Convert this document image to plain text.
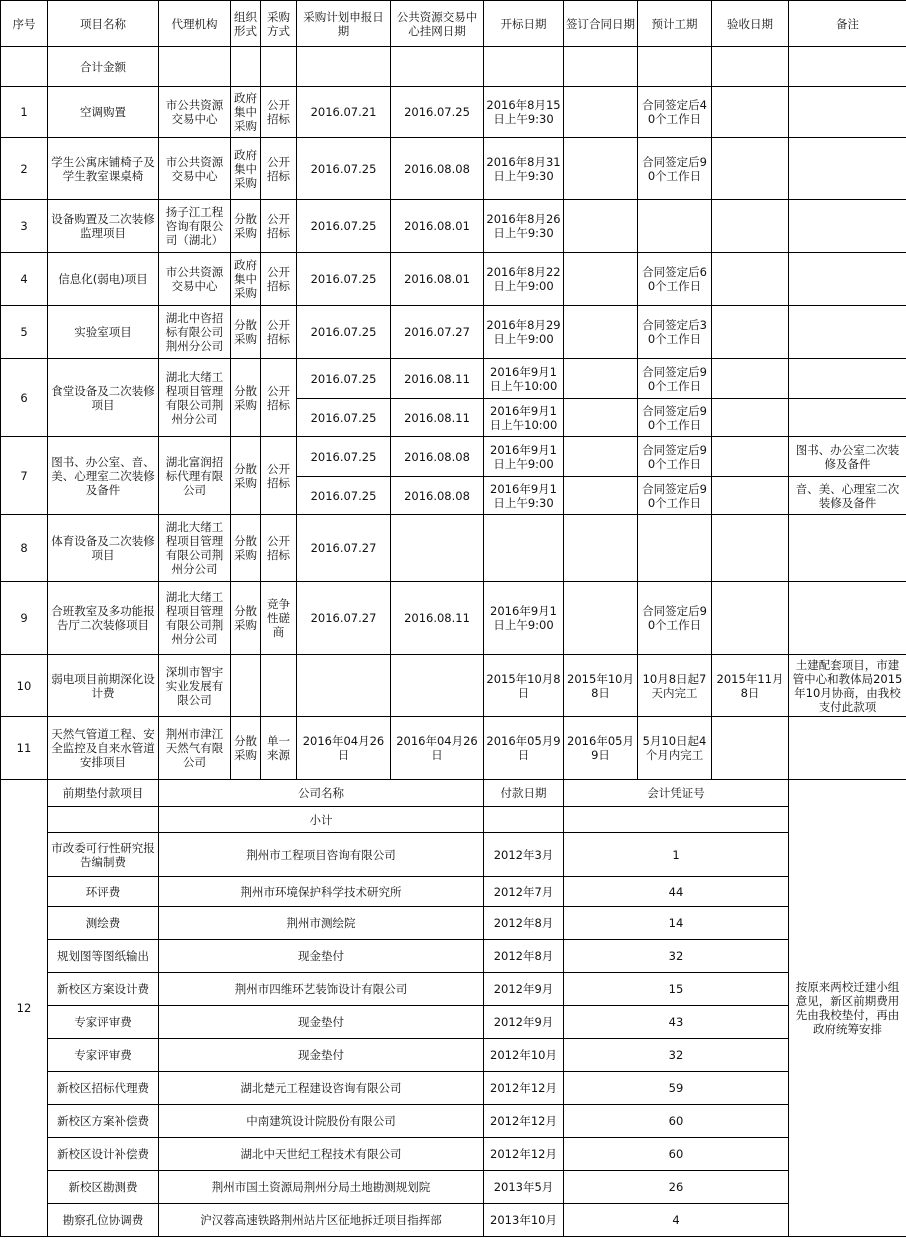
序号	项目名称	代理机构	组织形式	采购方式	采购计划申报日期	公共资源交易中心挂网日期	开标日期	签订合同日期	预计工期	验收日期	备注
	合计金额										
1	空调购置	市公共资源交易中心	政府集中采购	公开招标	2016.07.21	2016.07.25	2016年8月15日上午9:30		合同签定后40个工作日		
2	学生公寓床铺椅子及学生教室课桌椅	市公共资源交易中心	政府集中采购	公开招标	2016.07.25	2016.08.08	2016年8月31日上午9:30		合同签定后90个工作日		
3	设备购置及二次装修监理项目	扬子江工程咨询有限公司（湖北）	分散采购	公开招标	2016.07.25	2016.08.01	2016年8月26日上午9:30				
4	信息化(弱电)项目	市公共资源交易中心	政府集中采购	公开招标	2016.07.25	2016.08.01	2016年8月22日上午9:00		合同签定后60个工作日		
5	实验室项目	湖北中咨招标有限公司荆州分公司	分散采购	公开招标	2016.07.25	2016.07.27	2016年8月29日上午9:00		合同签定后30个工作日		
6	食堂设备及二次装修项目	湖北大绪工程项目管理有限公司荆州分公司	分散采购	公开招标	2016.07.25	2016.08.11	2016年9月1日上午10:00		合同签定后90个工作日		
					2016.07.25	2016.08.11	2016年9月1日上午10:00		合同签定后90个工作日		
7	图书、办公室、音、美、心理室二次装修及备件	湖北富润招标代理有限公司	分散采购	公开招标	2016.07.25	2016.08.08	2016年9月1日上午9:00		合同签定后90个工作日		图书、办公室二次装修及备件
					2016.07.25	2016.08.08	2016年9月1日上午9:30		合同签定后90个工作日		音、美、心理室二次装修及备件
8	体育设备及二次装修项目	湖北大绪工程项目管理有限公司荆州分公司	分散采购	公开招标	2016.07.27						
9	合班教室及多功能报告厅二次装修项目	湖北大绪工程项目管理有限公司荆州分公司	分散采购	竞争性磋商	2016.07.27	2016.08.11	2016年9月1日上午9:00		合同签定后90个工作日		
10	弱电项目前期深化设计费	深圳市智宇实业发展有限公司					2015年10月8日	2015年10月8日	10月8日起7天内完工	2015年11月8日	土建配套项目，市建管中心和教体局2015年10月协商，由我校支付此款项
11	天然气管道工程、安全监控及自来水管道安排项目	荆州市津江天然气有限公司	分散采购	单一来源	2016年04月26日	2016年04月26日	2016年05月9日	2016年05月9日	5月10日起4个月内完工		
12	前期垫付款项目	公司名称					付款日期	会计凭证号			按原来两校迁建小组意见，新区前期费用先由我校垫付，再由政府统筹安排
		小计									
	市改委可行性研究报告编制费	荆州市工程项目咨询有限公司					2012年3月	1			
	环评费	荆州市环境保护科学技术研究所					2012年7月	44			
	测绘费	荆州市测绘院					2012年8月	14			
	规划图等图纸输出	现金垫付					2012年8月	32			
	新校区方案设计费	荆州市四维环艺装饰设计有限公司					2012年9月	15			
	专家评审费	现金垫付					2012年9月	43			
	专家评审费	现金垫付					2012年10月	32			
	新校区招标代理费	湖北楚元工程建设咨询有限公司					2012年12月	59			
	新校区方案补偿费	中南建筑设计院股份有限公司					2012年12月	60			
	新校区设计补偿费	湖北中天世纪工程技术有限公司					2012年12月	60			
	新校区勘测费	荆州市国土资源局荆州分局土地勘测规划院					2013年5月	26			
	勘察孔位协调费	沪汉蓉高速铁路荆州站片区征地拆迁项目指挥部					2013年10月	4			
